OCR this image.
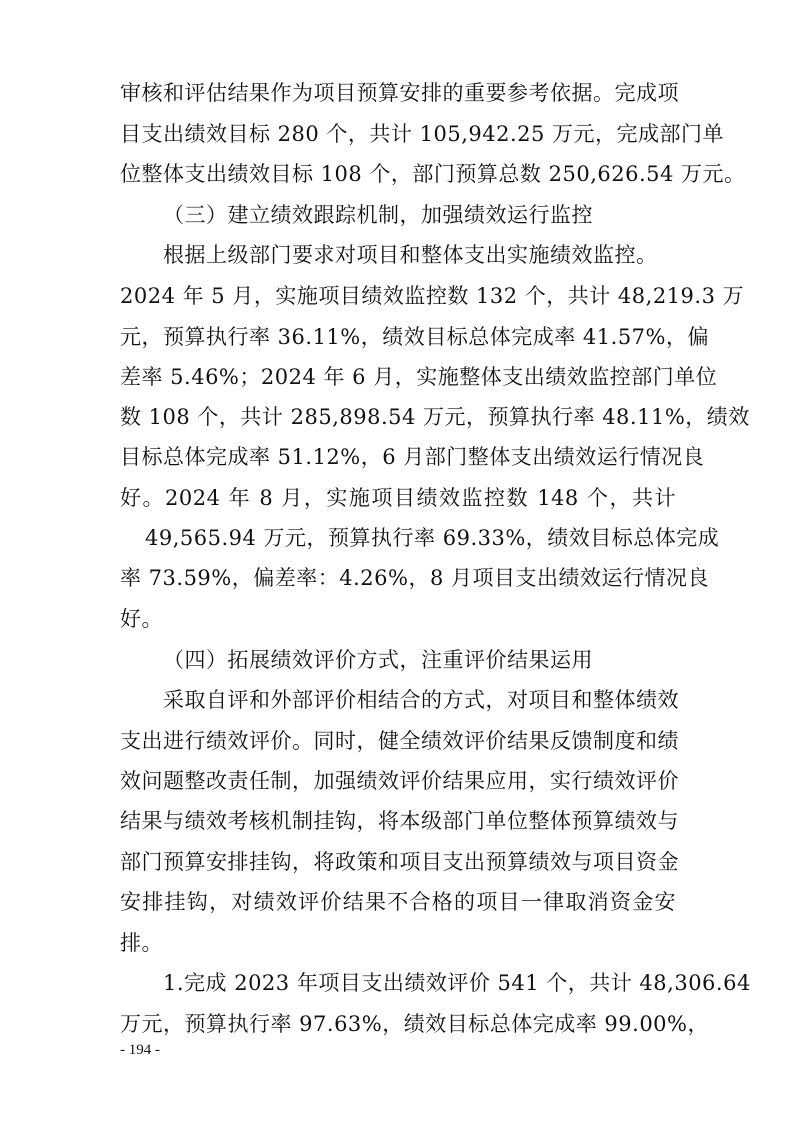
审核和评估结果作为项目预算安排的重要参考依据。完成项
目支出绩效目标 280 个，共计 105,942.25 万元，完成部门单
位整体支出绩效目标 108 个，部门预算总数 250,626.54 万元。
（三）建立绩效跟踪机制，加强绩效运行监控
根据上级部门要求对项目和整体支出实施绩效监控。
2024 年 5 月，实施项目绩效监控数 132 个，共计 48,219.3 万
元，预算执行率 36.11%，绩效目标总体完成率 41.57%，偏
差率 5.46%；2024 年 6 月，实施整体支出绩效监控部门单位
数 108 个，共计 285,898.54 万元，预算执行率 48.11%，绩效
目标总体完成率 51.12%，6 月部门整体支出绩效运行情况良
好。2024 年 8 月，实施项目绩效监控数 148 个，共计
49,565.94 万元，预算执行率 69.33%，绩效目标总体完成
率 73.59%，偏差率：4.26%，8 月项目支出绩效运行情况良
好。
（四）拓展绩效评价方式，注重评价结果运用
采取自评和外部评价相结合的方式，对项目和整体绩效
支出进行绩效评价。同时，健全绩效评价结果反馈制度和绩
效问题整改责任制，加强绩效评价结果应用，实行绩效评价
结果与绩效考核机制挂钩，将本级部门单位整体预算绩效与
部门预算安排挂钩，将政策和项目支出预算绩效与项目资金
安排挂钩，对绩效评价结果不合格的项目一律取消资金安
排。
1.完成 2023 年项目支出绩效评价 541 个，共计 48,306.64
万元，预算执行率 97.63%，绩效目标总体完成率 99.00%，
- 194 -
